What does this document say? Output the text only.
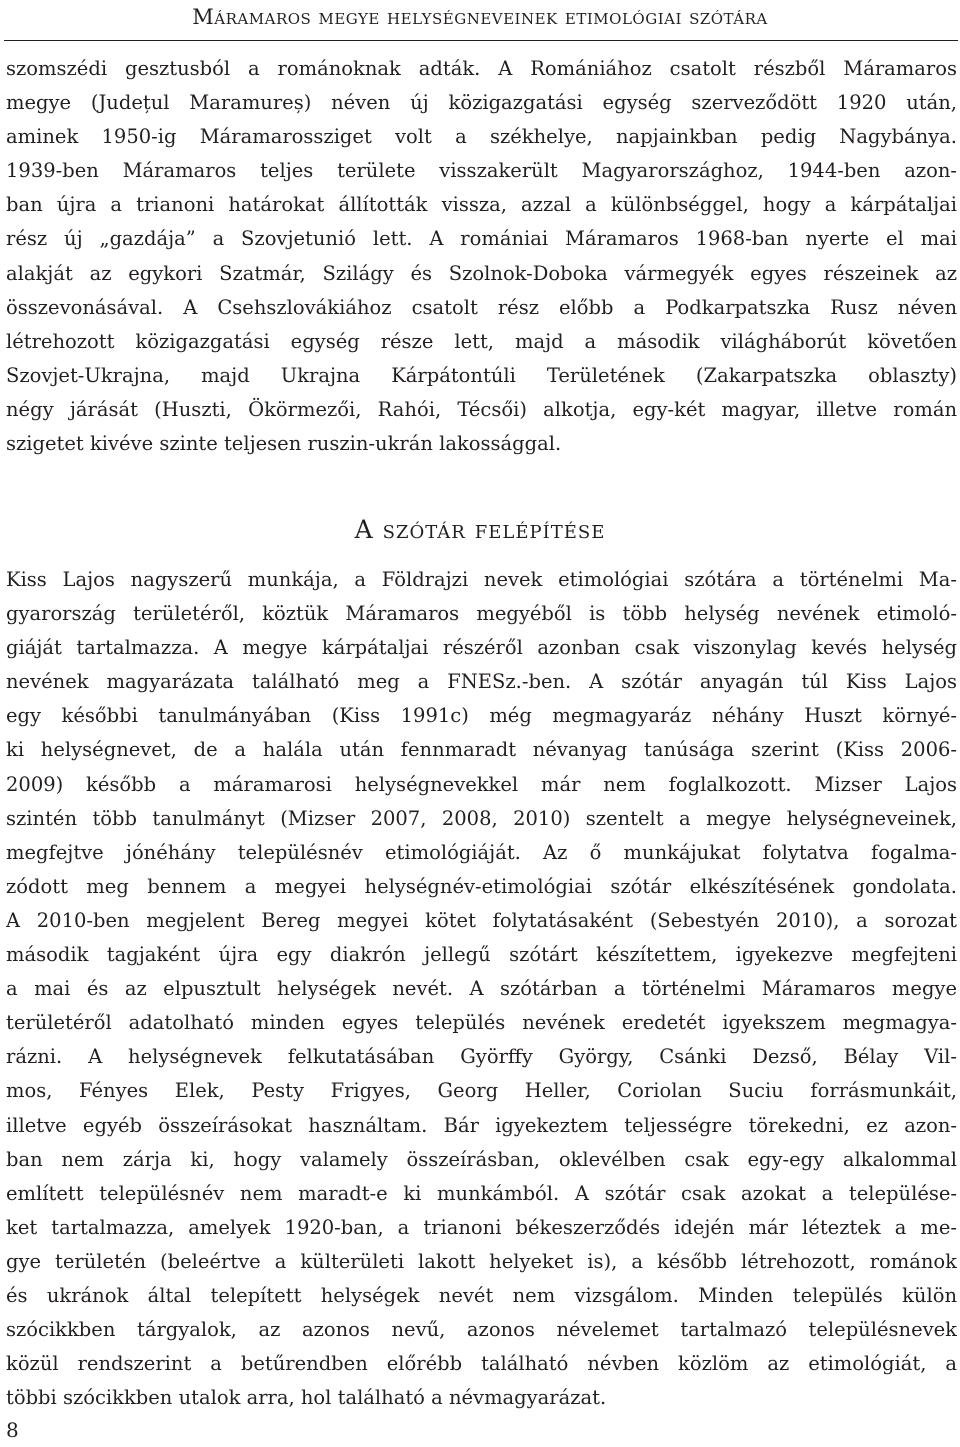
Máramaros megye helységneveinek etimológiai szótára
szomszédi gesztusból a románoknak adták. A Romániához csatolt részből Máramaros
megye (Județul Maramureș) néven új közigazgatási egység szerveződött 1920 után,
aminek 1950-ig Máramarossziget volt a székhelye, napjainkban pedig Nagybánya.
1939-ben Máramaros teljes területe visszakerült Magyarországhoz, 1944-ben azon-
ban újra a trianoni határokat állították vissza, azzal a különbséggel, hogy a kárpátaljai
rész új „gazdája” a Szovjetunió lett. A romániai Máramaros 1968-ban nyerte el mai
alakját az egykori Szatmár, Szilágy és Szolnok-Doboka vármegyék egyes részeinek az
összevonásával. A Csehszlovákiához csatolt rész előbb a Podkarpatszka Rusz néven
létrehozott közigazgatási egység része lett, majd a második világháborút követően
Szovjet-Ukrajna, majd Ukrajna Kárpátontúli Területének (Zakarpatszka oblaszty)
négy járását (Huszti, Ökörmezői, Rahói, Técsői) alkotja, egy-két magyar, illetve román
szigetet kivéve szinte teljesen ruszin-ukrán lakossággal.
A szótár felépítése
Kiss Lajos nagyszerű munkája, a Földrajzi nevek etimológiai szótára a történelmi Ma-
gyarország területéről, köztük Máramaros megyéből is több helység nevének etimoló-
giáját tartalmazza. A megye kárpátaljai részéről azonban csak viszonylag kevés helység
nevének magyarázata található meg a FNESz.-ben. A szótár anyagán túl Kiss Lajos
egy későbbi tanulmányában (Kiss 1991c) még megmagyaráz néhány Huszt környé-
ki helységnevet, de a halála után fennmaradt névanyag tanúsága szerint (Kiss 2006-
2009) később a máramarosi helységnevekkel már nem foglalkozott. Mizser Lajos
szintén több tanulmányt (Mizser 2007, 2008, 2010) szentelt a megye helységneveinek,
megfejtve jónéhány településnév etimológiáját. Az ő munkájukat folytatva fogalma-
zódott meg bennem a megyei helységnév-etimológiai szótár elkészítésének gondolata.
A 2010-ben megjelent Bereg megyei kötet folytatásaként (Sebestyén 2010), a sorozat
második tagjaként újra egy diakrón jellegű szótárt készítettem, igyekezve megfejteni
a mai és az elpusztult helységek nevét. A szótárban a történelmi Máramaros megye
területéről adatolható minden egyes település nevének eredetét igyekszem megmagya-
rázni. A helységnevek felkutatásában Györffy György, Csánki Dezső, Bélay Vil-
mos, Fényes Elek, Pesty Frigyes, Georg Heller, Coriolan Suciu forrásmunkáit,
illetve egyéb összeírásokat használtam. Bár igyekeztem teljességre törekedni, ez azon-
ban nem zárja ki, hogy valamely összeírásban, oklevélben csak egy-egy alkalommal
említett településnév nem maradt-e ki munkámból. A szótár csak azokat a települése-
ket tartalmazza, amelyek 1920-ban, a trianoni békeszerződés idején már léteztek a me-
gye területén (beleértve a külterületi lakott helyeket is), a később létrehozott, románok
és ukránok által telepített helységek nevét nem vizsgálom. Minden település külön
szócikkben tárgyalok, az azonos nevű, azonos névelemet tartalmazó településnevek
közül rendszerint a betűrendben előrébb található névben közlöm az etimológiát, a
többi szócikkben utalok arra, hol található a névmagyarázat.
8
